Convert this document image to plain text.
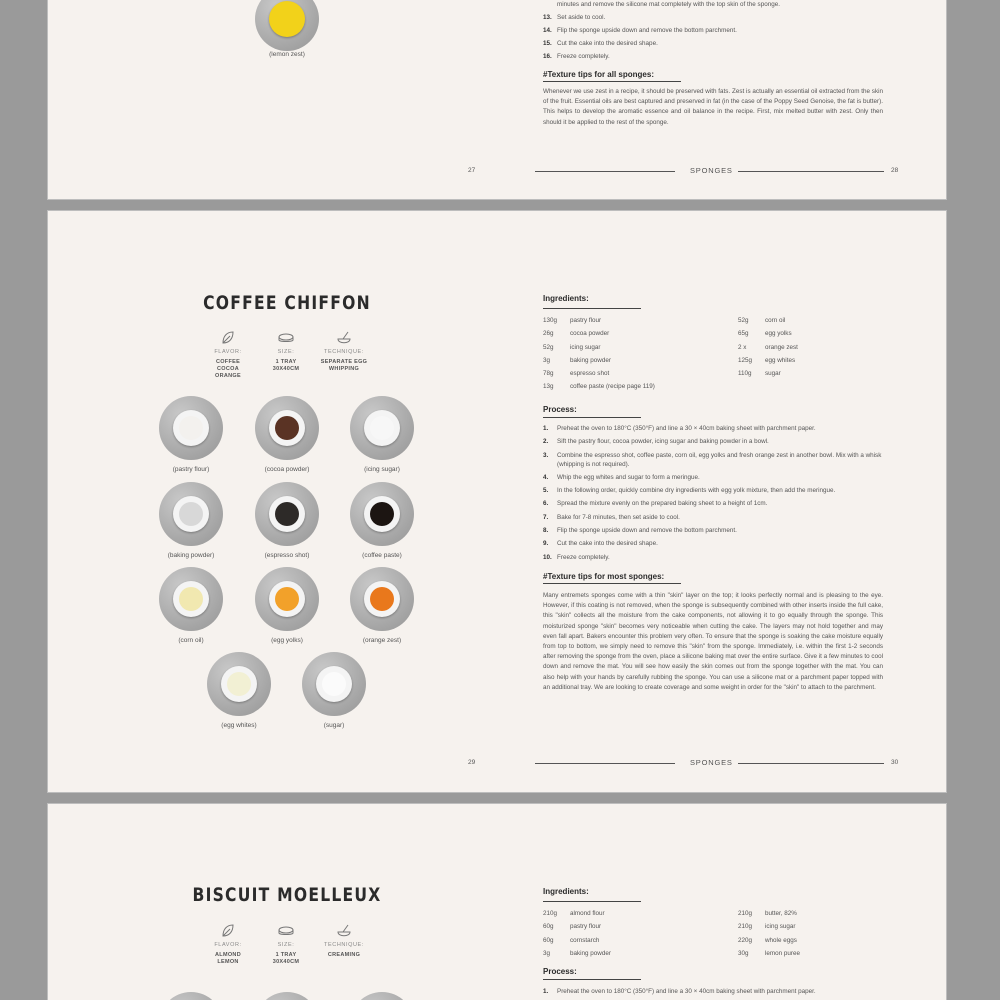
(lemon zest)
minutes and remove the silicone mat completely with the top skin of the sponge.
13. Set aside to cool.
14. Flip the sponge upside down and remove the bottom parchment.
15. Cut the cake into the desired shape.
16. Freeze completely.
#Texture tips for all sponges:
Whenever we use zest in a recipe, it should be preserved with fats. Zest is actually an essential oil extracted from the skin of the fruit. Essential oils are best captured and preserved in fat (in the case of the Poppy Seed Genoise, the fat is butter). This helps to develop the aromatic essence and oil balance in the recipe. First, mix melted butter with zest. Only then should it be applied to the rest of the sponge.
27	SPONGES	28
COFFEE CHIFFON
FLAVOR:
COFFEE
COCOA
ORANGE
SIZE:
1 TRAY
30X40CM
TECHNIQUE:
SEPARATE EGG
WHIPPING
(pastry flour)	(cocoa powder)	(icing sugar)
(baking powder)	(espresso shot)	(coffee paste)
(corn oil)	(egg yolks)	(orange zest)
(egg whites)	(sugar)
Ingredients:
130g	pastry flour
26g	cocoa powder
52g	icing sugar
3g	baking powder
78g	espresso shot
13g	coffee paste (recipe page 119)
52g	corn oil
65g	egg yolks
2 x	orange zest
125g	egg whites
110g	sugar
Process:
1.	Preheat the oven to 180°C (350°F) and line a 30 × 40cm baking sheet with parchment paper.
2.	Sift the pastry flour, cocoa powder, icing sugar and baking powder in a bowl.
3.	Combine the espresso shot, coffee paste, corn oil, egg yolks and fresh orange zest in another bowl. Mix with a whisk (whipping is not required).
4.	Whip the egg whites and sugar to form a meringue.
5.	In the following order, quickly combine dry ingredients with egg yolk mixture, then add the meringue.
6.	Spread the mixture evenly on the prepared baking sheet to a height of 1cm.
7.	Bake for 7-8 minutes, then set aside to cool.
8.	Flip the sponge upside down and remove the bottom parchment.
9.	Cut the cake into the desired shape.
10. Freeze completely.
#Texture tips for most sponges:
Many entremets sponges come with a thin "skin" layer on the top; it looks perfectly normal and is pleasing to the eye. However, if this coating is not removed, when the sponge is subsequently combined with other inserts inside the full cake, this "skin" collects all the moisture from the cake components, not allowing it to go equally through the sponge. This moisturized sponge "skin" becomes very noticeable when cutting the cake. The layers may not hold together and may even fall apart. Bakers encounter this problem very often. To ensure that the sponge is soaking the cake moisture equally from top to bottom, we simply need to remove this "skin" from the sponge. Immediately, i.e. within the first 1-2 seconds after removing the sponge from the oven, place a silicone baking mat over the entire surface. Give it a few minutes to cool down and remove the mat. You will see how easily the skin comes out from the sponge together with the mat. You can also help with your hands by carefully rubbing the sponge. You can use a silicone mat or a parchment paper topped with an additional tray. We are looking to create coverage and some weight in order for the "skin" to attach to the parchment.
29	SPONGES	30
BISCUIT MOELLEUX
FLAVOR:
ALMOND
LEMON
SIZE:
1 TRAY
30X40CM
TECHNIQUE:
CREAMING
Ingredients:
210g	almond flour
60g	pastry flour
60g	cornstarch
3g	baking powder
210g	butter, 82%
210g	icing sugar
220g	whole eggs
30g	lemon puree
Process:
1.	Preheat the oven to 180°C (350°F) and line a 30 × 40cm baking sheet with parchment paper.
